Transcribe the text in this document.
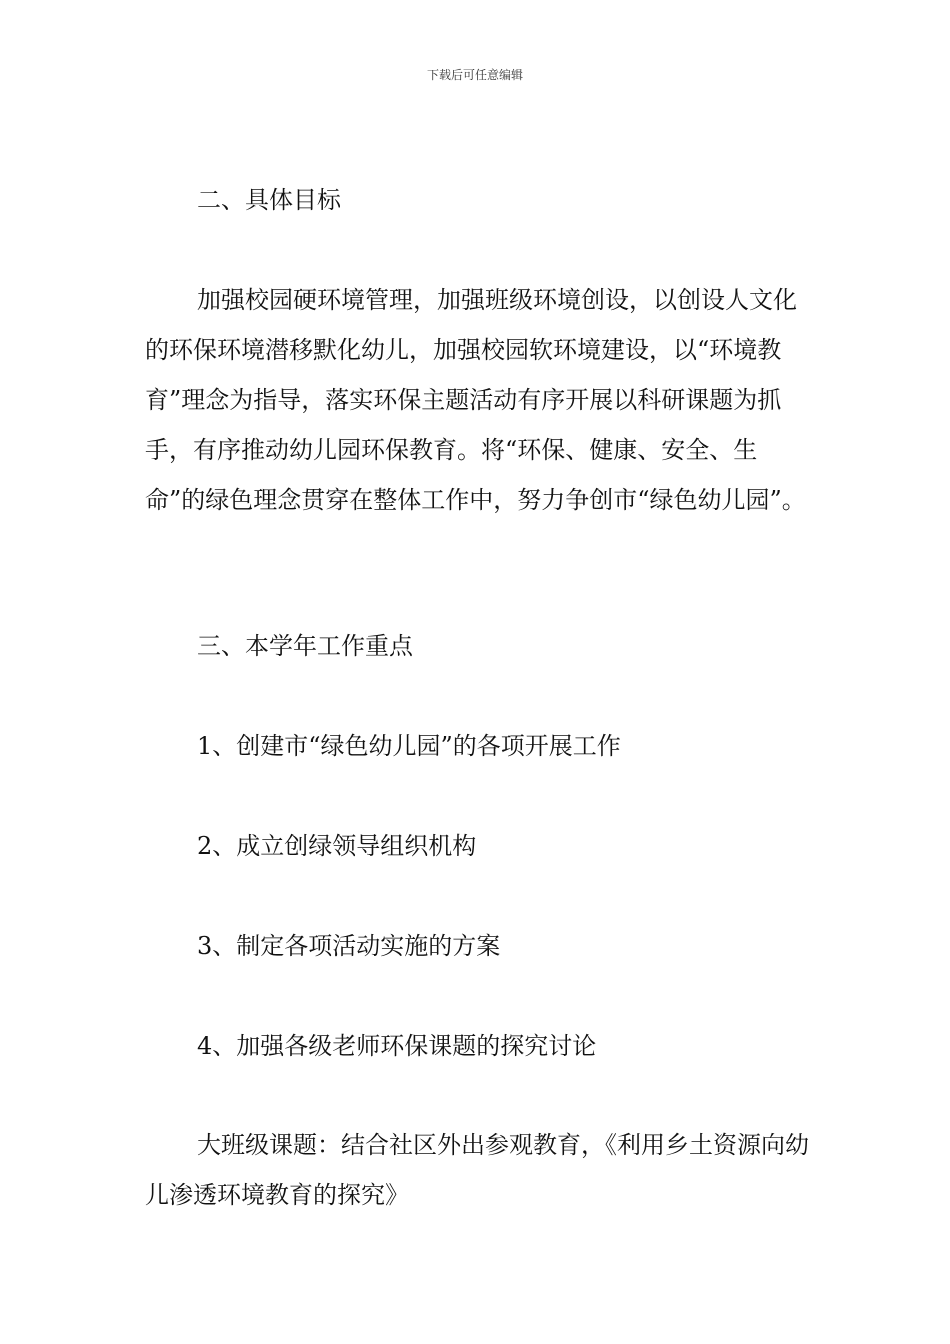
下载后可任意编辑

二、具体目标

加强校园硬环境管理，加强班级环境创设，以创设人文化的环保环境潜移默化幼儿，加强校园软环境建设，以“环境教育”理念为指导，落实环保主题活动有序开展以科研课题为抓手，有序推动幼儿园环保教育。将“环保、健康、安全、生命”的绿色理念贯穿在整体工作中，努力争创市“绿色幼儿园”。

三、本学年工作重点

1、创建市“绿色幼儿园”的各项开展工作

2、成立创绿领导组织机构

3、制定各项活动实施的方案

4、加强各级老师环保课题的探究讨论

大班级课题：结合社区外出参观教育，《利用乡土资源向幼儿渗透环境教育的探究》
